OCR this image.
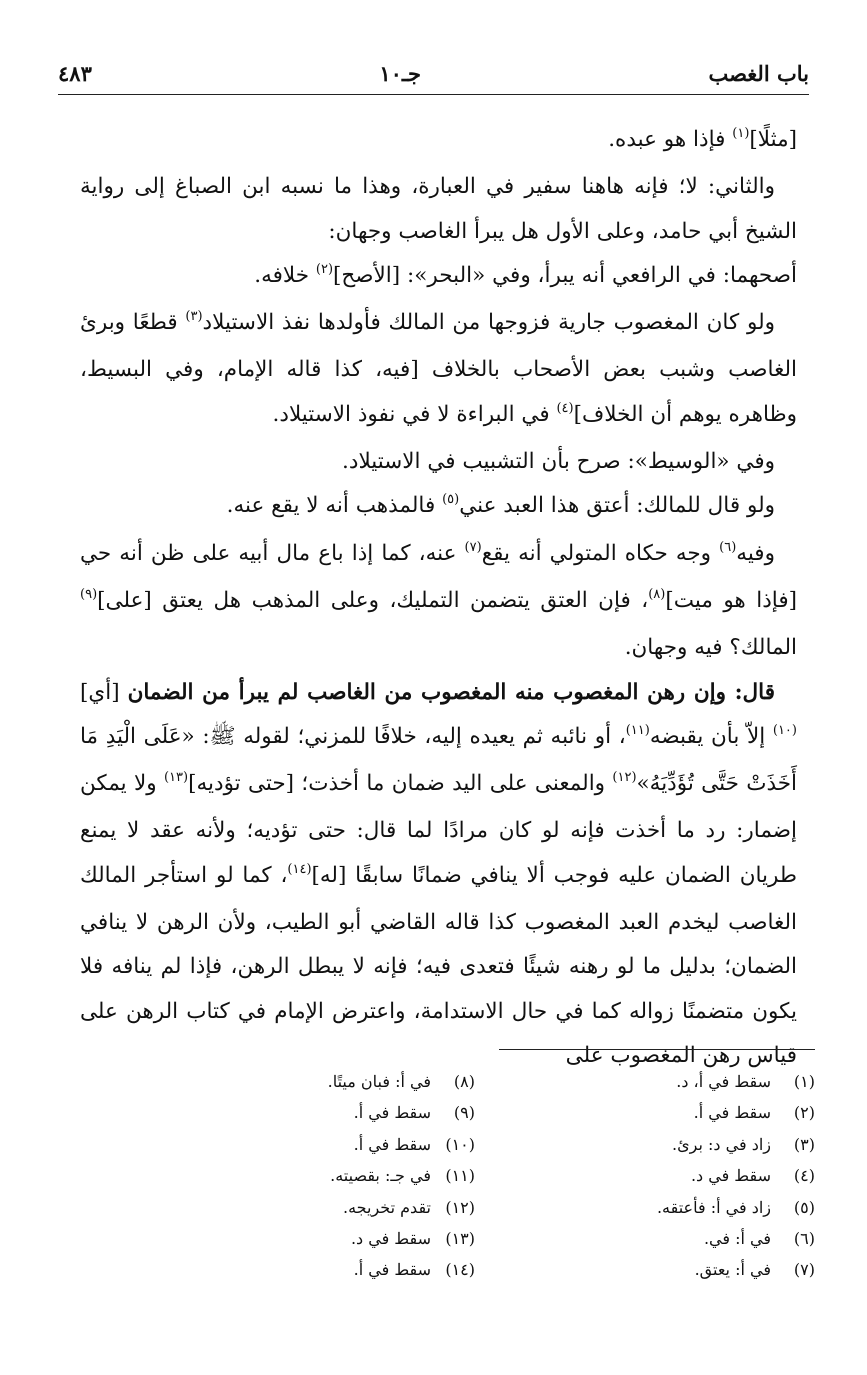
باب الغصب
جـ١٠
٤٨٣

[مثلًا]$^{(١)}$ فإذا هو عبده.

والثاني: لا؛ فإنه هاهنا سفير في العبارة، وهذا ما نسبه ابن الصباغ إلى رواية الشيخ أبي حامد، وعلى الأول هل يبرأ الغاصب وجهان:

أصحهما: في الرافعي أنه يبرأ، وفي «البحر»: [الأصح]$^{(٢)}$ خلافه.

ولو كان المغصوب جارية فزوجها من المالك فأولدها نفذ الاستيلاد$^{(٣)}$ قطعًا وبرئ الغاصب وشبب بعض الأصحاب بالخلاف [فيه، كذا قاله الإمام، وفي البسيط، وظاهره يوهم أن الخلاف]$^{(٤)}$ في البراءة لا في نفوذ الاستيلاد.

وفي «الوسيط»: صرح بأن التشبيب في الاستيلاد.

ولو قال للمالك: أعتق هذا العبد عني$^{(٥)}$ فالمذهب أنه لا يقع عنه.

وفيه$^{(٦)}$ وجه حكاه المتولي أنه يقع$^{(٧)}$ عنه، كما إذا باع مال أبيه على ظن أنه حي [فإذا هو ميت]$^{(٨)}$، فإن العتق يتضمن التمليك، وعلى المذهب هل يعتق [على]$^{(٩)}$ المالك؟ فيه وجهان.

قال: وإن رهن المغصوب منه المغصوب من الغاصب لم يبرأ من الضمان [أي]$^{(١٠)}$ إلاّ بأن يقبضه$^{(١١)}$، أو نائبه ثم يعيده إليه، خلافًا للمزني؛ لقوله ﷺ: «عَلَى الْيَدِ مَا أَخَذَتْ حَتَّى تُؤَدِّيَهُ»$^{(١٢)}$ والمعنى على اليد ضمان ما أخذت؛ [حتى تؤديه]$^{(١٣)}$ ولا يمكن إضمار: رد ما أخذت فإنه لو كان مرادًا لما قال: حتى تؤديه؛ ولأنه عقد لا يمنع طريان الضمان عليه فوجب ألا ينافي ضمانًا سابقًا [له]$^{(١٤)}$، كما لو استأجر المالك الغاصب ليخدم العبد المغصوب كذا قاله القاضي أبو الطيب، ولأن الرهن لا ينافي الضمان؛ بدليل ما لو رهنه شيئًا فتعدى فيه؛ فإنه لا يبطل الرهن، فإذا لم ينافه فلا يكون متضمنًا زواله كما في حال الاستدامة، واعترض الإمام في كتاب الرهن على قياس رهن المغصوب على

(١)سقط في أ، د.
(٢)سقط في أ.
(٣)زاد في د: برئ.
(٤)سقط في د.
(٥)زاد في أ: فأعتقه.
(٦)في أ: في.
(٧)في أ: يعتق.
(٨)في أ: فبان ميتًا.
(٩)سقط في أ.
(١٠)سقط في أ.
(١١)في جـ: بقصيته.
(١٢)تقدم تخريجه.
(١٣)سقط في د.
(١٤)سقط في أ.
